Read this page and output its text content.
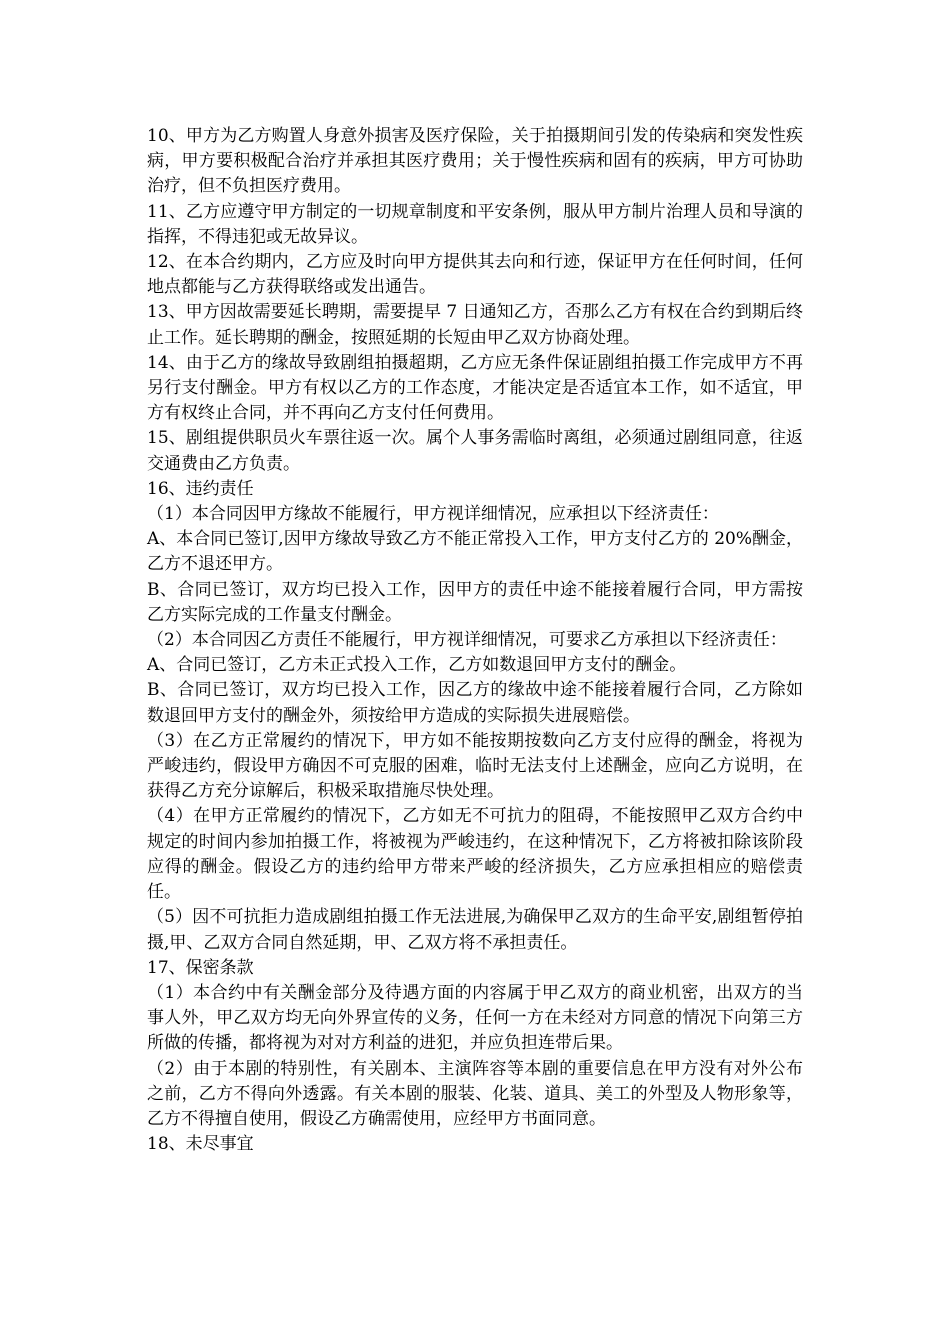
10、甲方为乙方购置人身意外损害及医疗保险，关于拍摄期间引发的传染病和突发性疾病，甲方要积极配合治疗并承担其医疗费用；关于慢性疾病和固有的疾病，甲方可协助治疗，但不负担医疗费用。

11、乙方应遵守甲方制定的一切规章制度和平安条例，服从甲方制片治理人员和导演的指挥，不得违犯或无故异议。

12、在本合约期内，乙方应及时向甲方提供其去向和行迹，保证甲方在任何时间，任何地点都能与乙方获得联络或发出通告。

13、甲方因故需要延长聘期，需要提早 7 日通知乙方，否那么乙方有权在合约到期后终止工作。延长聘期的酬金，按照延期的长短由甲乙双方协商处理。

14、由于乙方的缘故导致剧组拍摄超期，乙方应无条件保证剧组拍摄工作完成甲方不再另行支付酬金。甲方有权以乙方的工作态度，才能决定是否适宜本工作，如不适宜，甲方有权终止合同，并不再向乙方支付任何费用。

15、剧组提供职员火车票往返一次。属个人事务需临时离组，必须通过剧组同意，往返交通费由乙方负责。

16、违约责任

（1）本合同因甲方缘故不能履行，甲方视详细情况，应承担以下经济责任：

A、本合同已签订,因甲方缘故导致乙方不能正常投入工作，甲方支付乙方的 20%酬金，乙方不退还甲方。

B、合同已签订，双方均已投入工作，因甲方的责任中途不能接着履行合同，甲方需按乙方实际完成的工作量支付酬金。

（2）本合同因乙方责任不能履行，甲方视详细情况，可要求乙方承担以下经济责任：

A、合同已签订，乙方未正式投入工作，乙方如数退回甲方支付的酬金。

B、合同已签订，双方均已投入工作，因乙方的缘故中途不能接着履行合同，乙方除如数退回甲方支付的酬金外，须按给甲方造成的实际损失进展赔偿。

（3）在乙方正常履约的情况下，甲方如不能按期按数向乙方支付应得的酬金，将视为严峻违约，假设甲方确因不可克服的困难，临时无法支付上述酬金，应向乙方说明，在获得乙方充分谅解后，积极采取措施尽快处理。

（4）在甲方正常履约的情况下，乙方如无不可抗力的阻碍，不能按照甲乙双方合约中规定的时间内参加拍摄工作，将被视为严峻违约，在这种情况下，乙方将被扣除该阶段应得的酬金。假设乙方的违约给甲方带来严峻的经济损失，乙方应承担相应的赔偿责任。

（5）因不可抗拒力造成剧组拍摄工作无法进展,为确保甲乙双方的生命平安,剧组暂停拍摄,甲、乙双方合同自然延期，甲、乙双方将不承担责任。

17、保密条款

（1）本合约中有关酬金部分及待遇方面的内容属于甲乙双方的商业机密，出双方的当事人外，甲乙双方均无向外界宣传的义务，任何一方在未经对方同意的情况下向第三方所做的传播，都将视为对对方利益的进犯，并应负担连带后果。

（2）由于本剧的特别性，有关剧本、主演阵容等本剧的重要信息在甲方没有对外公布之前，乙方不得向外透露。有关本剧的服装、化装、道具、美工的外型及人物形象等，乙方不得擅自使用，假设乙方确需使用，应经甲方书面同意。

18、未尽事宜
